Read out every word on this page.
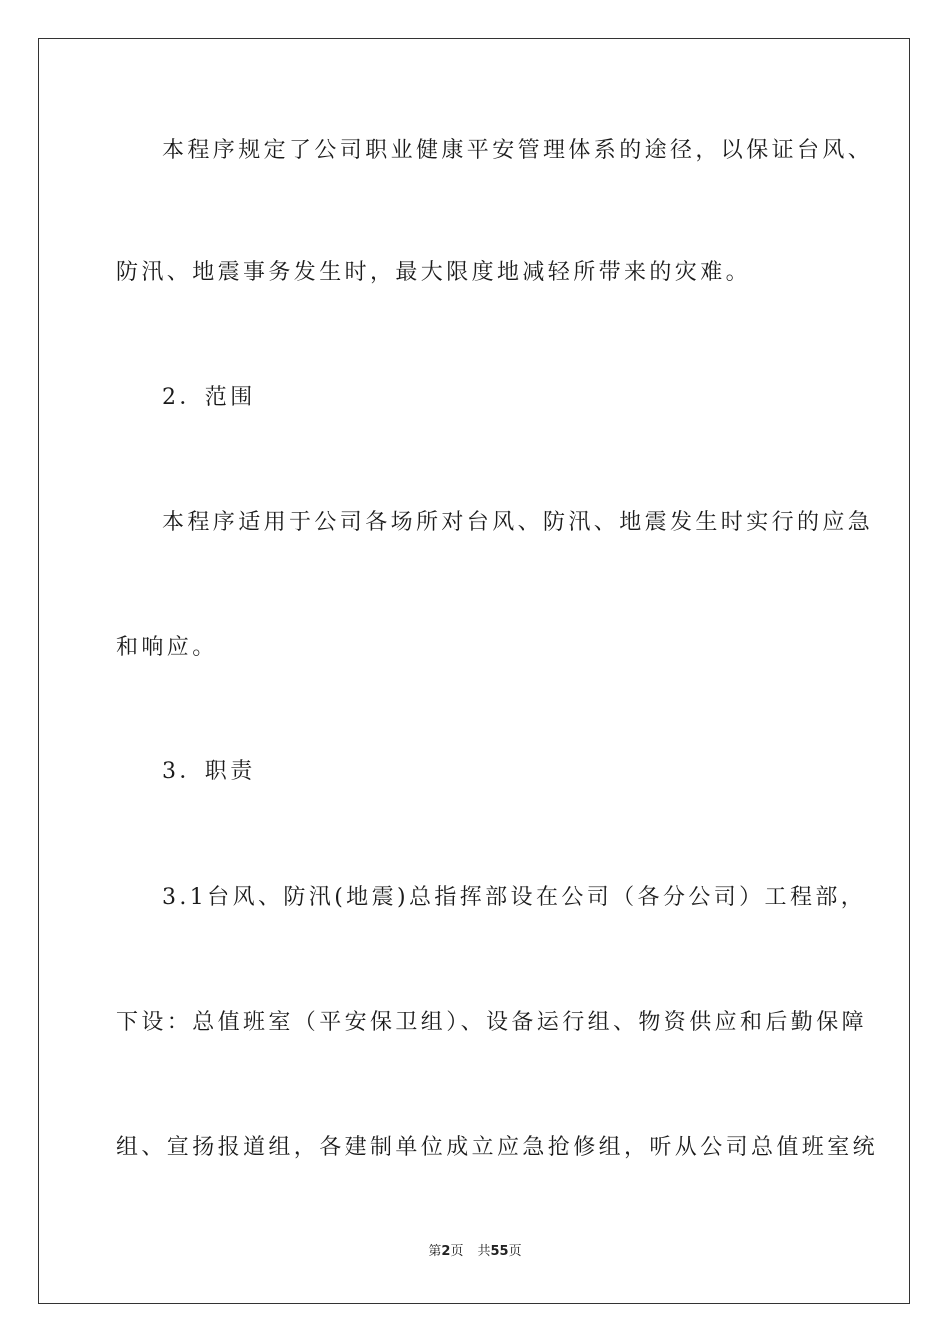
本程序规定了公司职业健康平安管理体系的途径，以保证台风、
防汛、地震事务发生时，最大限度地减轻所带来的灾难。
2．范围
本程序适用于公司各场所对台风、防汛、地震发生时实行的应急
和响应。
3．职责
3.1台风、防汛(地震)总指挥部设在公司（各分公司）工程部，
下设：总值班室（平安保卫组）、设备运行组、物资供应和后勤保障
组、宣扬报道组，各建制单位成立应急抢修组，听从公司总值班室统
第2页 共55页
